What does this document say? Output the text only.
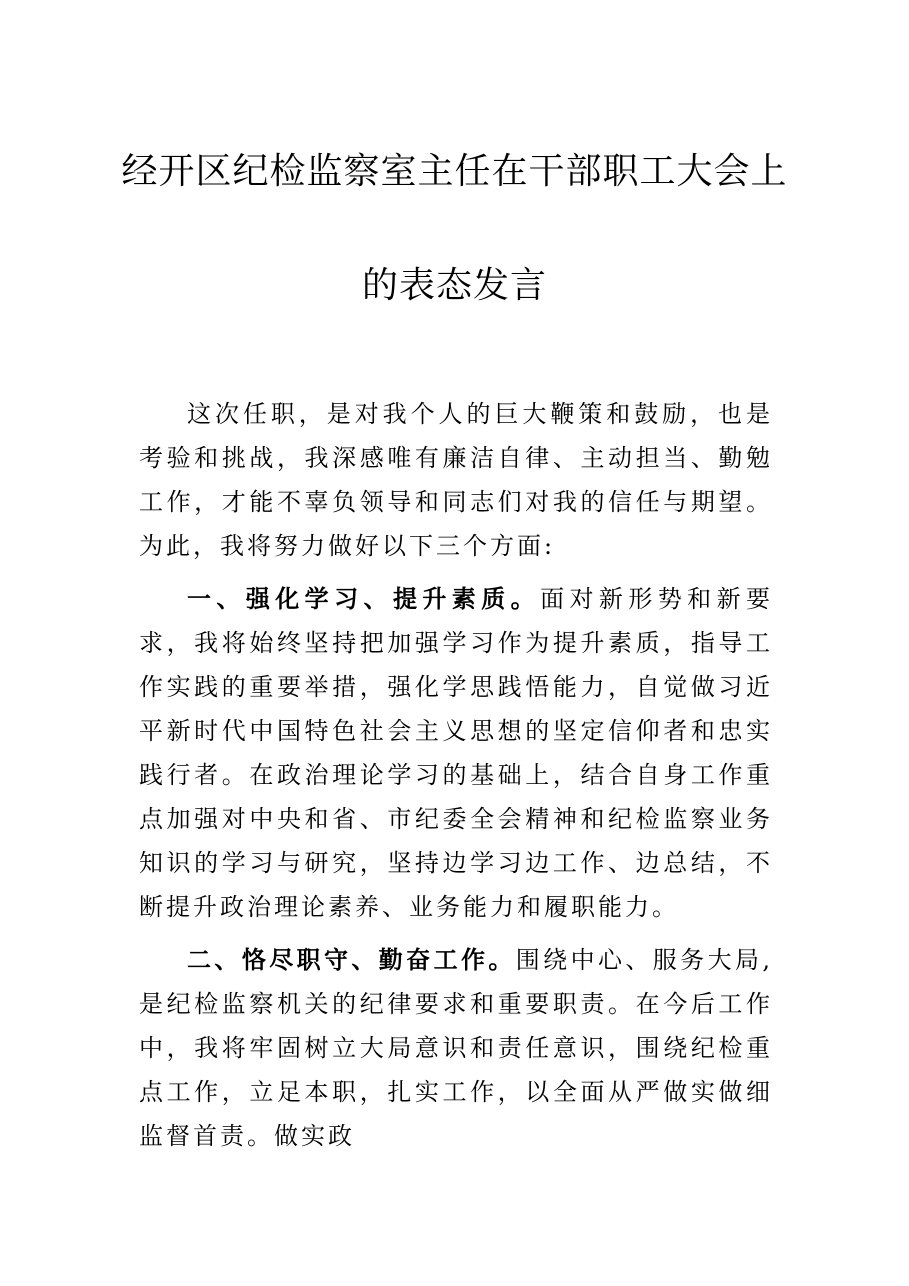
经开区纪检监察室主任在干部职工大会上
的表态发言

这次任职，是对我个人的巨大鞭策和鼓励，也是考验和挑战，我深感唯有廉洁自律、主动担当、勤勉工作，才能不辜负领导和同志们对我的信任与期望。为此，我将努力做好以下三个方面:

一、强化学习、提升素质。面对新形势和新要求，我将始终坚持把加强学习作为提升素质，指导工作实践的重要举措，强化学思践悟能力，自觉做习近平新时代中国特色社会主义思想的坚定信仰者和忠实践行者。在政治理论学习的基础上，结合自身工作重点加强对中央和省、市纪委全会精神和纪检监察业务知识的学习与研究，坚持边学习边工作、边总结，不断提升政治理论素养、业务能力和履职能力。

二、恪尽职守、勤奋工作。围绕中心、服务大局,是纪检监察机关的纪律要求和重要职责。在今后工作中，我将牢固树立大局意识和责任意识，围绕纪检重点工作，立足本职，扎实工作，以全面从严做实做细监督首责。做实政
